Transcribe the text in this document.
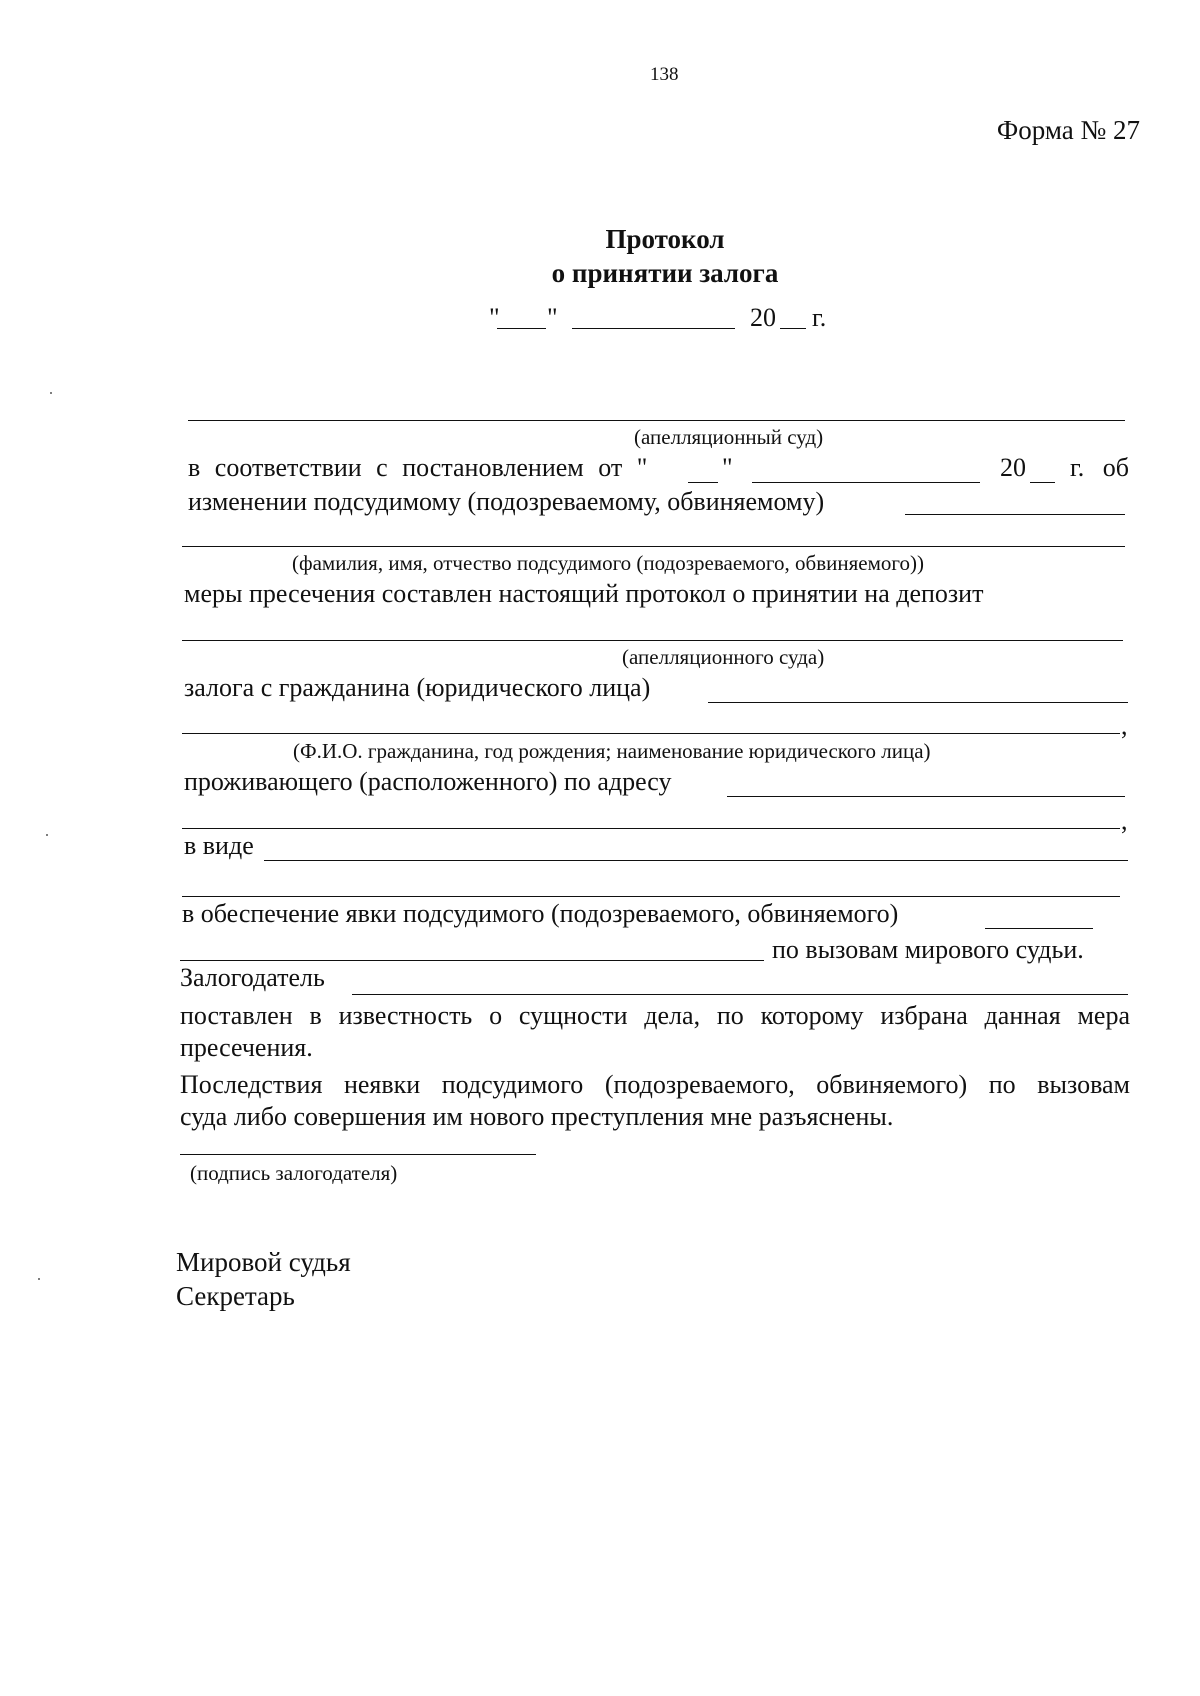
138
Форма № 27
Протокол
о принятии залога
" "	20 г.
(апелляционный суд)
в соответствии с постановлением от "	"	20 г. об
изменении подсудимому (подозреваемому, обвиняемому)
(фамилия, имя, отчество подсудимого (подозреваемого, обвиняемого))
меры пресечения составлен настоящий протокол о принятии на депозит
(апелляционного суда)
залога с гражданина (юридического лица)
,
(Ф.И.О. гражданина, год рождения; наименование юридического лица)
проживающего (расположенного) по адресу
,
в виде
в обеспечение явки подсудимого (подозреваемого, обвиняемого)
по вызовам мирового судьи.
Залогодатель
поставлен в известность о сущности дела, по которому избрана данная мера
пресечения.
Последствия неявки подсудимого (подозреваемого, обвиняемого) по вызовам
суда либо совершения им нового преступления мне разъяснены.
(подпись залогодателя)
Мировой судья
Секретарь
